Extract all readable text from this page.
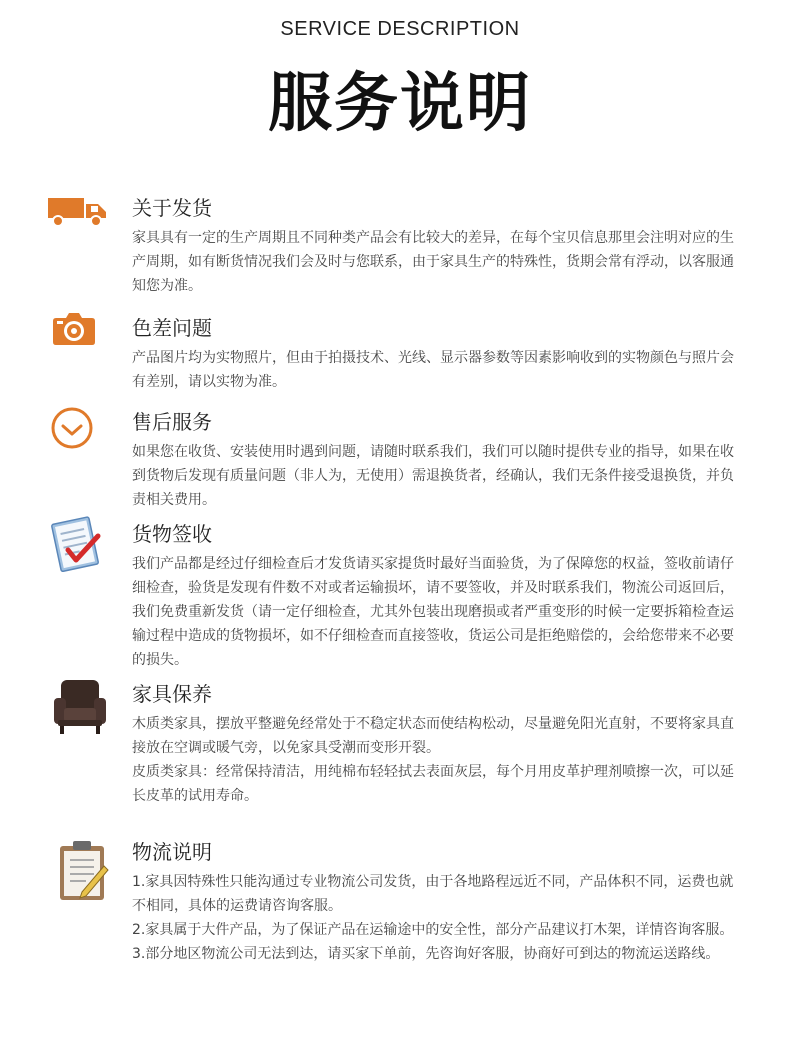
SERVICE DESCRIPTION
服务说明
关于发货

家具具有一定的生产周期且不同种类产品会有比较大的差异，在每个宝贝信息那里会注明对应的生产周期，如有断货情况我们会及时与您联系，由于家具生产的特殊性，货期会常有浮动，以客服通知您为准。

色差问题

产品图片均为实物照片，但由于拍摄技术、光线、显示器参数等因素影响收到的实物颜色与照片会有差别，请以实物为准。

售后服务

如果您在收货、安装使用时遇到问题，请随时联系我们，我们可以随时提供专业的指导，如果在收到货物后发现有质量问题（非人为，无使用）需退换货者，经确认，我们无条件接受退换货，并负责相关费用。

货物签收

我们产品都是经过仔细检查后才发货请买家提货时最好当面验货，为了保障您的权益，签收前请仔细检查，验货是发现有件数不对或者运输损坏，请不要签收，并及时联系我们，物流公司返回后，我们免费重新发货（请一定仔细检查，尤其外包装出现磨损或者严重变形的时候一定要拆箱检查运输过程中造成的货物损坏，如不仔细检查而直接签收，货运公司是拒绝赔偿的，会给您带来不必要的损失。

家具保养

木质类家具，摆放平整避免经常处于不稳定状态而使结构松动，尽量避免阳光直射，不要将家具直接放在空调或暖气旁，以免家具受潮而变形开裂。

皮质类家具：经常保持清洁，用纯棉布轻轻拭去表面灰层，每个月用皮革护理剂喷擦一次，可以延长皮革的试用寿命。

物流说明

1.家具因特殊性只能沟通过专业物流公司发货，由于各地路程远近不同，产品体积不同，运费也就不相同，具体的运费请咨询客服。

2.家具属于大件产品，为了保证产品在运输途中的安全性，部分产品建议打木架，详情咨询客服。

3.部分地区物流公司无法到达，请买家下单前，先咨询好客服，协商好可到达的物流运送路线。
